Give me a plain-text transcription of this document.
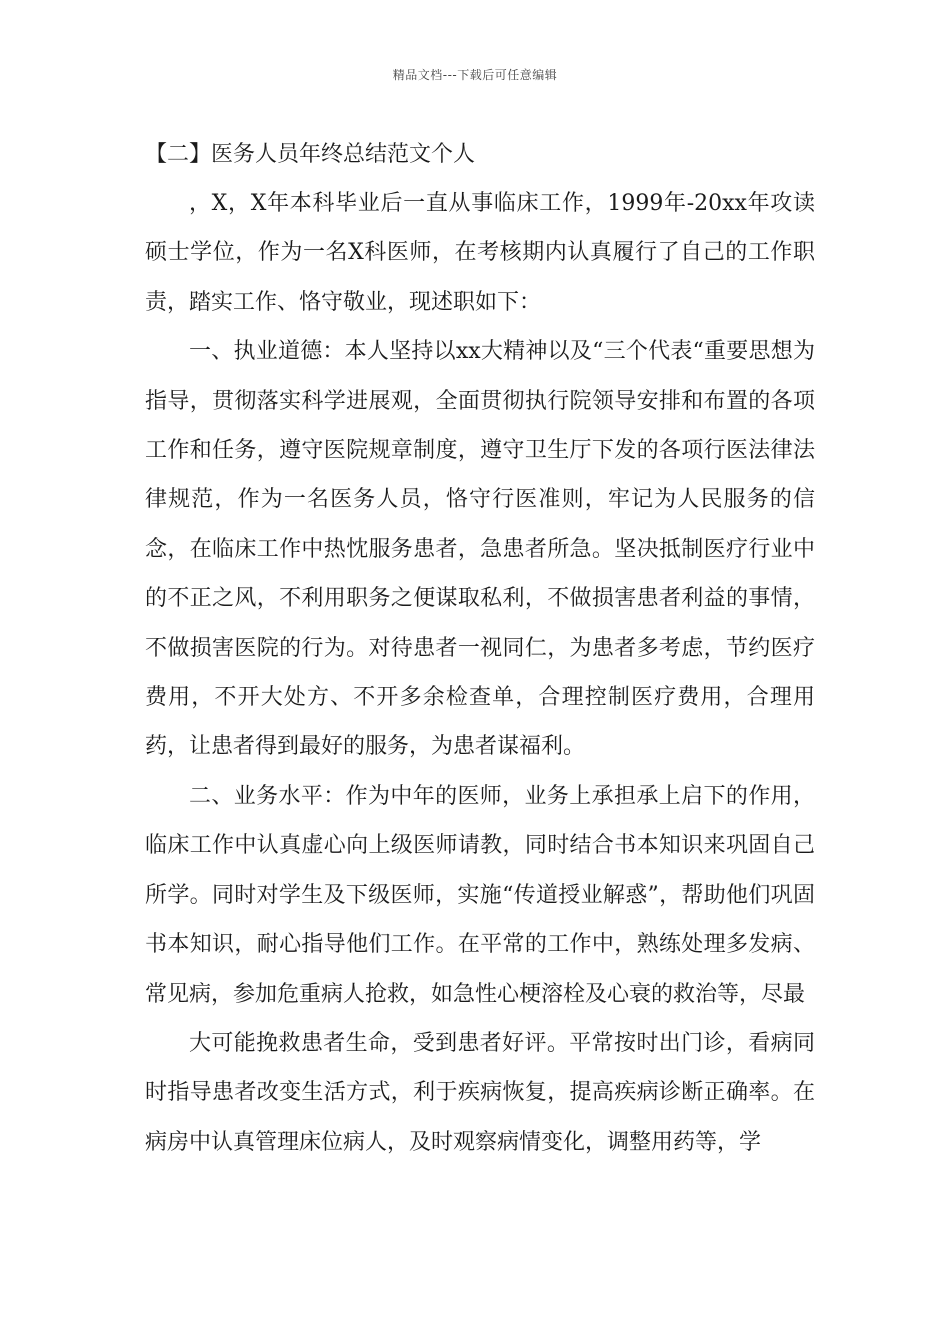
精品文档---下载后可任意编辑
【二】医务人员年终总结范文个人

，X，X年本科毕业后一直从事临床工作，1999年-20xx年攻读硕士学位，作为一名X科医师，在考核期内认真履行了自己的工作职责，踏实工作、恪守敬业，现述职如下：

一、执业道德：本人坚持以xx大精神以及“三个代表“重要思想为指导，贯彻落实科学进展观，全面贯彻执行院领导安排和布置的各项工作和任务，遵守医院规章制度，遵守卫生厅下发的各项行医法律法律规范，作为一名医务人员，恪守行医准则，牢记为人民服务的信念，在临床工作中热忱服务患者，急患者所急。坚决抵制医疗行业中的不正之风，不利用职务之便谋取私利，不做损害患者利益的事情，不做损害医院的行为。对待患者一视同仁，为患者多考虑，节约医疗费用，不开大处方、不开多余检查单，合理控制医疗费用，合理用药，让患者得到最好的服务，为患者谋福利。

二、业务水平：作为中年的医师，业务上承担承上启下的作用，临床工作中认真虚心向上级医师请教，同时结合书本知识来巩固自己所学。同时对学生及下级医师，实施“传道授业解惑”，帮助他们巩固书本知识，耐心指导他们工作。在平常的工作中，熟练处理多发病、常见病，参加危重病人抢救，如急性心梗溶栓及心衰的救治等，尽最

大可能挽救患者生命，受到患者好评。平常按时出门诊，看病同时指导患者改变生活方式，利于疾病恢复，提高疾病诊断正确率。在病房中认真管理床位病人，及时观察病情变化，调整用药等，学
